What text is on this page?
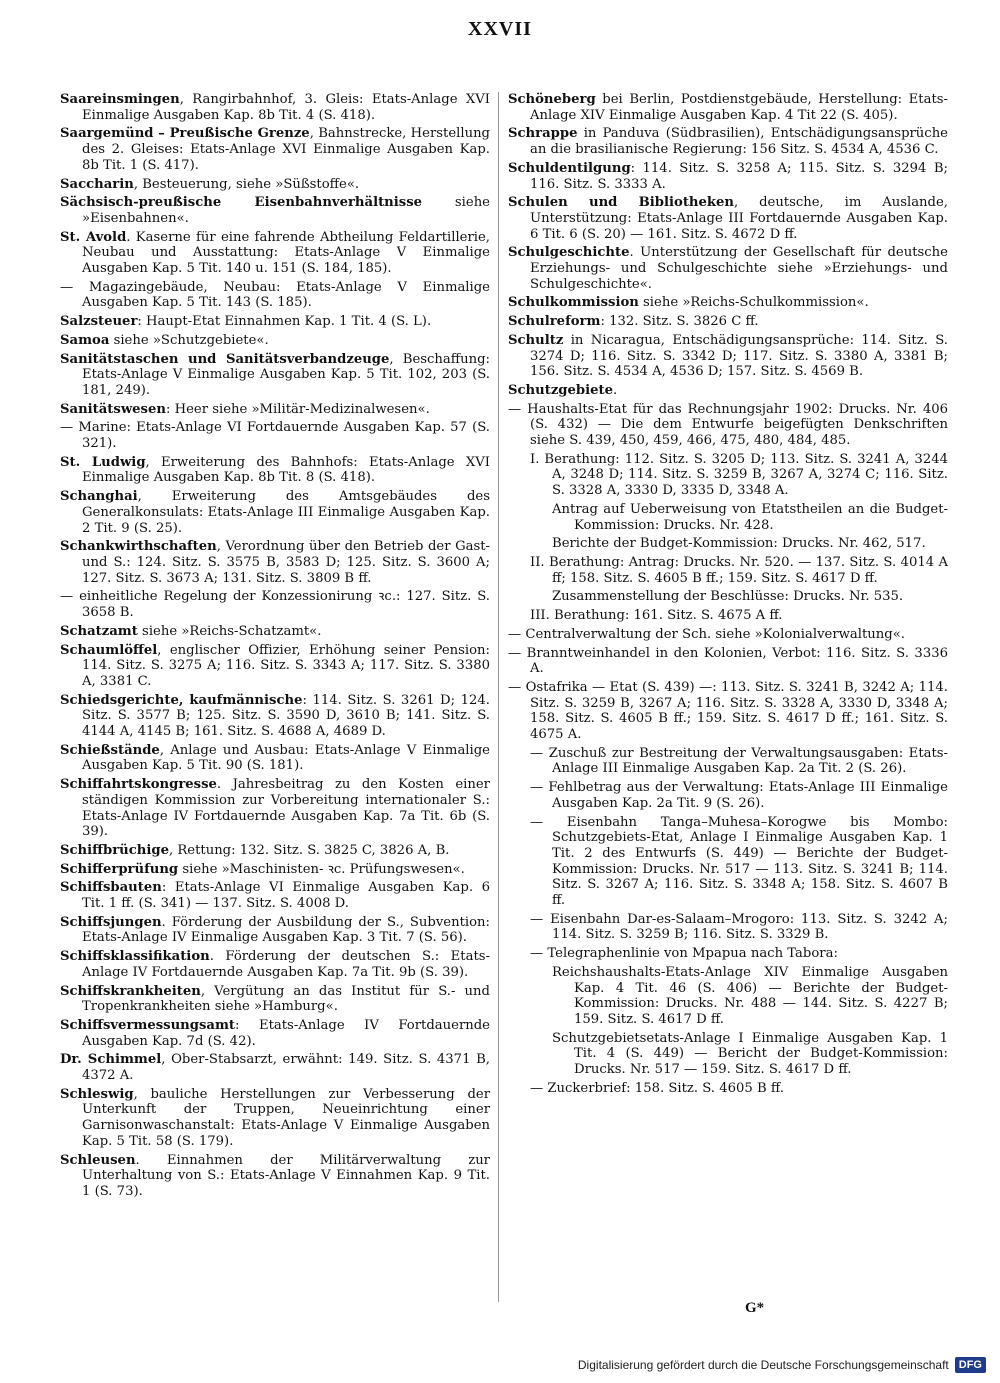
XXVII

Saareinsmingen, Rangirbahnhof, 3. Gleis: Etats-Anlage XVI Einmalige Ausgaben Kap. 8b Tit. 4 (S. 418).

Saargemünd – Preußische Grenze, Bahnstrecke, Herstellung des 2. Gleises: Etats-Anlage XVI Einmalige Ausgaben Kap. 8b Tit. 1 (S. 417).

Saccharin, Besteuerung, siehe »Süßstoffe«.

Sächsisch-preußische Eisenbahnverhältnisse siehe »Eisenbahnen«.

St. Avold. Kaserne für eine fahrende Abtheilung Feldartillerie, Neubau und Ausstattung: Etats-Anlage V Einmalige Ausgaben Kap. 5 Tit. 140 u. 151 (S. 184, 185).

— Magazingebäude, Neubau: Etats-Anlage V Einmalige Ausgaben Kap. 5 Tit. 143 (S. 185).

Salzsteuer: Haupt-Etat Einnahmen Kap. 1 Tit. 4 (S. L).

Samoa siehe »Schutzgebiete«.

Sanitätstaschen und Sanitätsverbandzeuge, Beschaffung: Etats-Anlage V Einmalige Ausgaben Kap. 5 Tit. 102, 203 (S. 181, 249).

Sanitätswesen: Heer siehe »Militär-Medizinalwesen«.

— Marine: Etats-Anlage VI Fortdauernde Ausgaben Kap. 57 (S. 321).

St. Ludwig, Erweiterung des Bahnhofs: Etats-Anlage XVI Einmalige Ausgaben Kap. 8b Tit. 8 (S. 418).

Schanghai, Erweiterung des Amtsgebäudes des Generalkonsulats: Etats-Anlage III Einmalige Ausgaben Kap. 2 Tit. 9 (S. 25).

Schankwirthschaften, Verordnung über den Betrieb der Gast- und S.: 124. Sitz. S. 3575 B, 3583 D; 125. Sitz. S. 3600 A; 127. Sitz. S. 3673 A; 131. Sitz. S. 3809 B ff.

— einheitliche Regelung der Konzessionirung ꝛc.: 127. Sitz. S. 3658 B.

Schatzamt siehe »Reichs-Schatzamt«.

Schaumlöffel, englischer Offizier, Erhöhung seiner Pension: 114. Sitz. S. 3275 A; 116. Sitz. S. 3343 A; 117. Sitz. S. 3380 A, 3381 C.

Schiedsgerichte, kaufmännische: 114. Sitz. S. 3261 D; 124. Sitz. S. 3577 B; 125. Sitz. S. 3590 D, 3610 B; 141. Sitz. S. 4144 A, 4145 B; 161. Sitz. S. 4688 A, 4689 D.

Schießstände, Anlage und Ausbau: Etats-Anlage V Einmalige Ausgaben Kap. 5 Tit. 90 (S. 181).

Schiffahrtskongresse. Jahresbeitrag zu den Kosten einer ständigen Kommission zur Vorbereitung internationaler S.: Etats-Anlage IV Fortdauernde Ausgaben Kap. 7a Tit. 6b (S. 39).

Schiffbrüchige, Rettung: 132. Sitz. S. 3825 C, 3826 A, B.

Schifferprüfung siehe »Maschinisten- ꝛc. Prüfungswesen«.

Schiffsbauten: Etats-Anlage VI Einmalige Ausgaben Kap. 6 Tit. 1 ff. (S. 341) — 137. Sitz. S. 4008 D.

Schiffsjungen. Förderung der Ausbildung der S., Subvention: Etats-Anlage IV Einmalige Ausgaben Kap. 3 Tit. 7 (S. 56).

Schiffsklassifikation. Förderung der deutschen S.: Etats-Anlage IV Fortdauernde Ausgaben Kap. 7a Tit. 9b (S. 39).

Schiffskrankheiten, Vergütung an das Institut für S.- und Tropenkrankheiten siehe »Hamburg«.

Schiffsvermessungsamt: Etats-Anlage IV Fortdauernde Ausgaben Kap. 7d (S. 42).

Dr. Schimmel, Ober-Stabsarzt, erwähnt: 149. Sitz. S. 4371 B, 4372 A.

Schleswig, bauliche Herstellungen zur Verbesserung der Unterkunft der Truppen, Neueinrichtung einer Garnisonwaschanstalt: Etats-Anlage V Einmalige Ausgaben Kap. 5 Tit. 58 (S. 179).

Schleusen. Einnahmen der Militärverwaltung zur Unterhaltung von S.: Etats-Anlage V Einnahmen Kap. 9 Tit. 1 (S. 73).

Schöneberg bei Berlin, Postdienstgebäude, Herstellung: Etats-Anlage XIV Einmalige Ausgaben Kap. 4 Tit 22 (S. 405).

Schrappe in Panduva (Südbrasilien), Entschädigungsansprüche an die brasilianische Regierung: 156 Sitz. S. 4534 A, 4536 C.

Schuldentilgung: 114. Sitz. S. 3258 A; 115. Sitz. S. 3294 B; 116. Sitz. S. 3333 A.

Schulen und Bibliotheken, deutsche, im Auslande, Unterstützung: Etats-Anlage III Fortdauernde Ausgaben Kap. 6 Tit. 6 (S. 20) — 161. Sitz. S. 4672 D ff.

Schulgeschichte. Unterstützung der Gesellschaft für deutsche Erziehungs- und Schulgeschichte siehe »Erziehungs- und Schulgeschichte«.

Schulkommission siehe »Reichs-Schulkommission«.

Schulreform: 132. Sitz. S. 3826 C ff.

Schultz in Nicaragua, Entschädigungsansprüche: 114. Sitz. S. 3274 D; 116. Sitz. S. 3342 D; 117. Sitz. S. 3380 A, 3381 B; 156. Sitz. S. 4534 A, 4536 D; 157. Sitz. S. 4569 B.

Schutzgebiete.

— Haushalts-Etat für das Rechnungsjahr 1902: Drucks. Nr. 406 (S. 432) — Die dem Entwurfe beigefügten Denkschriften siehe S. 439, 450, 459, 466, 475, 480, 484, 485.

I. Berathung: 112. Sitz. S. 3205 D; 113. Sitz. S. 3241 A, 3244 A, 3248 D; 114. Sitz. S. 3259 B, 3267 A, 3274 C; 116. Sitz. S. 3328 A, 3330 D, 3335 D, 3348 A.

Antrag auf Ueberweisung von Etatstheilen an die Budget-Kommission: Drucks. Nr. 428.

Berichte der Budget-Kommission: Drucks. Nr. 462, 517.

II. Berathung: Antrag: Drucks. Nr. 520. — 137. Sitz. S. 4014 A ff; 158. Sitz. S. 4605 B ff.; 159. Sitz. S. 4617 D ff.

Zusammenstellung der Beschlüsse: Drucks. Nr. 535.

III. Berathung: 161. Sitz. S. 4675 A ff.

— Centralverwaltung der Sch. siehe »Kolonialverwaltung«.

— Branntweinhandel in den Kolonien, Verbot: 116. Sitz. S. 3336 A.

— Ostafrika — Etat (S. 439) —: 113. Sitz. S. 3241 B, 3242 A; 114. Sitz. S. 3259 B, 3267 A; 116. Sitz. S. 3328 A, 3330 D, 3348 A; 158. Sitz. S. 4605 B ff.; 159. Sitz. S. 4617 D ff.; 161. Sitz. S. 4675 A.

— Zuschuß zur Bestreitung der Verwaltungsausgaben: Etats-Anlage III Einmalige Ausgaben Kap. 2a Tit. 2 (S. 26).

— Fehlbetrag aus der Verwaltung: Etats-Anlage III Einmalige Ausgaben Kap. 2a Tit. 9 (S. 26).

— Eisenbahn Tanga–Muhesa–Korogwe bis Mombo: Schutzgebiets-Etat, Anlage I Einmalige Ausgaben Kap. 1 Tit. 2 des Entwurfs (S. 449) — Berichte der Budget-Kommission: Drucks. Nr. 517 — 113. Sitz. S. 3241 B; 114. Sitz. S. 3267 A; 116. Sitz. S. 3348 A; 158. Sitz. S. 4607 B ff.

— Eisenbahn Dar-es-Salaam–Mrogoro: 113. Sitz. S. 3242 A; 114. Sitz. S. 3259 B; 116. Sitz. S. 3329 B.

— Telegraphenlinie von Mpapua nach Tabora:

Reichshaushalts-Etats-Anlage XIV Einmalige Ausgaben Kap. 4 Tit. 46 (S. 406) — Berichte der Budget-Kommission: Drucks. Nr. 488 — 144. Sitz. S. 4227 B; 159. Sitz. S. 4617 D ff.

Schutzgebietsetats-Anlage I Einmalige Ausgaben Kap. 1 Tit. 4 (S. 449) — Bericht der Budget-Kommission: Drucks. Nr. 517 — 159. Sitz. S. 4617 D ff.

— Zuckerbrief: 158. Sitz. S. 4605 B ff.

G*
Digitalisierung gefördert durch die Deutsche Forschungsgemeinschaft DFG
